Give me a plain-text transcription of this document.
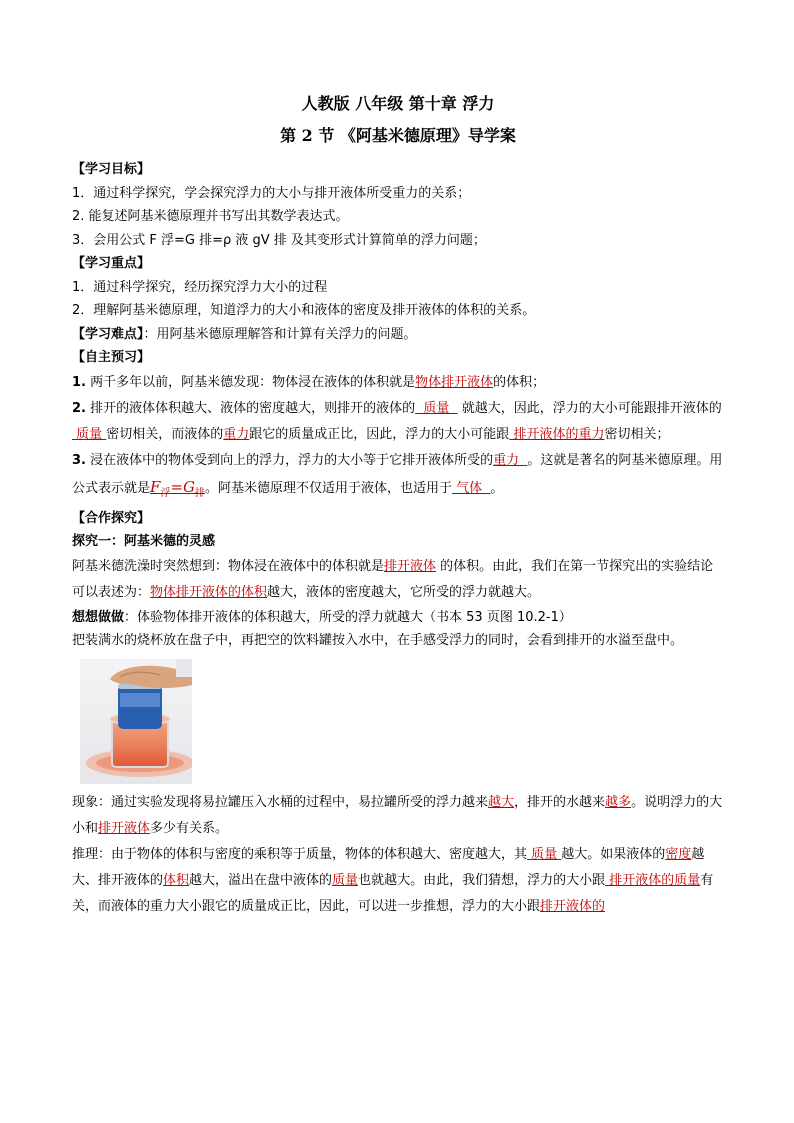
人教版 八年级 第十章 浮力
第 2 节 《阿基米德原理》导学案
【学习目标】
1．通过科学探究，学会探究浮力的大小与排开液体所受重力的关系；
2. 能复述阿基米德原理并书写出其数学表达式。
3．会用公式 F 浮=G 排=ρ 液 gV 排 及其变形式计算简单的浮力问题；
【学习重点】
1．通过科学探究，经历探究浮力大小的过程
2．理解阿基米德原理，知道浮力的大小和液体的密度及排开液体的体积的关系。
【学习难点】：用阿基米德原理解答和计算有关浮力的问题。
【自主预习】
1. 两千多年以前，阿基米德发现：物体浸在液体的体积就是物体排开液体的体积；
2. 排开的液体体积越大、液体的密度越大，则排开的液体的  质量   就越大，因此，浮力的大小可能跟排开液体的 质量 密切相关，而液体的重力跟它的质量成正比，因此，浮力的大小可能跟 排开液体的重力密切相关；
3. 浸在液体中的物体受到向上的浮力，浮力的大小等于它排开液体所受的重力  。这就是著名的阿基米德原理。用公式表示就是$F_浮=G_排$。阿基米德原理不仅适用于液体，也适用于 气体  。
【合作探究】
探究一：阿基米德的灵感
阿基米德洗澡时突然想到：物体浸在液体中的体积就是排开液体 的体积。由此，我们在第一节探究出的实验结论可以表述为：物体排开液体的体积越大，液体的密度越大，它所受的浮力就越大。
想想做做：体验物体排开液体的体积越大，所受的浮力就越大（书本 53 页图 10.2-1）
把装满水的烧杯放在盘子中，再把空的饮料罐按入水中，在手感受浮力的同时，会看到排开的水溢至盘中。
现象：通过实验发现将易拉罐压入水桶的过程中，易拉罐所受的浮力越来越大，排开的水越来越多。说明浮力的大小和排开液体多少有关系。
推理：由于物体的体积与密度的乘积等于质量，物体的体积越大、密度越大，其 质量 越大。如果液体的密度越大、排开液体的体积越大，溢出在盘中液体的质量也就越大。由此，我们猜想，浮力的大小跟 排开液体的质量有关，而液体的重力大小跟它的质量成正比，因此，可以进一步推想，浮力的大小跟排开液体的
